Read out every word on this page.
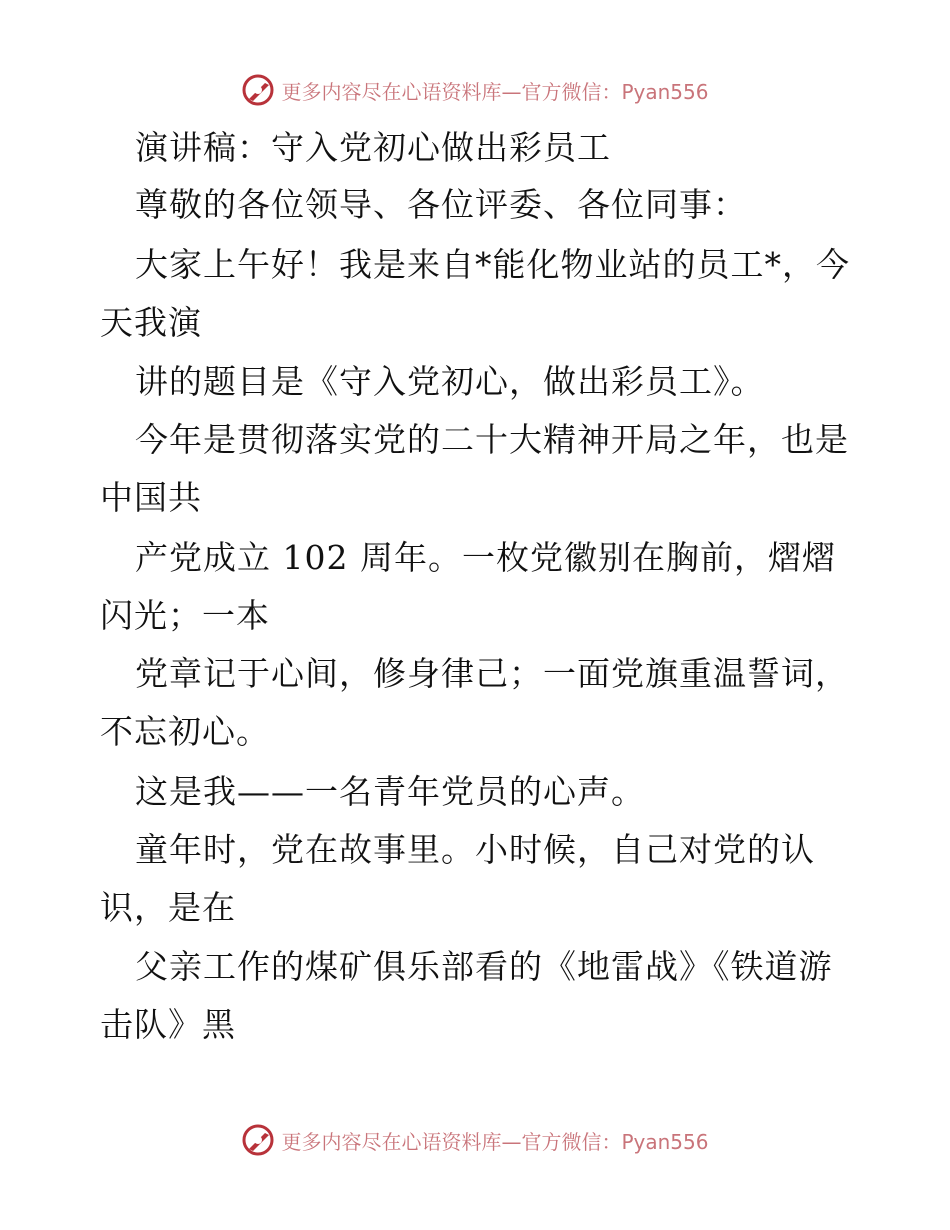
更多内容尽在心语资料库—官方微信：Pyan556
演讲稿：守入党初心做出彩员工
尊敬的各位领导、各位评委、各位同事：
大家上午好！我是来自*能化物业站的员工*，今
天我演
讲的题目是《守入党初心，做出彩员工》。
今年是贯彻落实党的二十大精神开局之年，也是
中国共
产党成立 102 周年。一枚党徽别在胸前，熠熠
闪光；一本
党章记于心间，修身律己；一面党旗重温誓词，
不忘初心。
这是我——一名青年党员的心声。
童年时，党在故事里。小时候，自己对党的认
识，是在
父亲工作的煤矿俱乐部看的《地雷战》《铁道游
击队》黑
更多内容尽在心语资料库—官方微信：Pyan556
